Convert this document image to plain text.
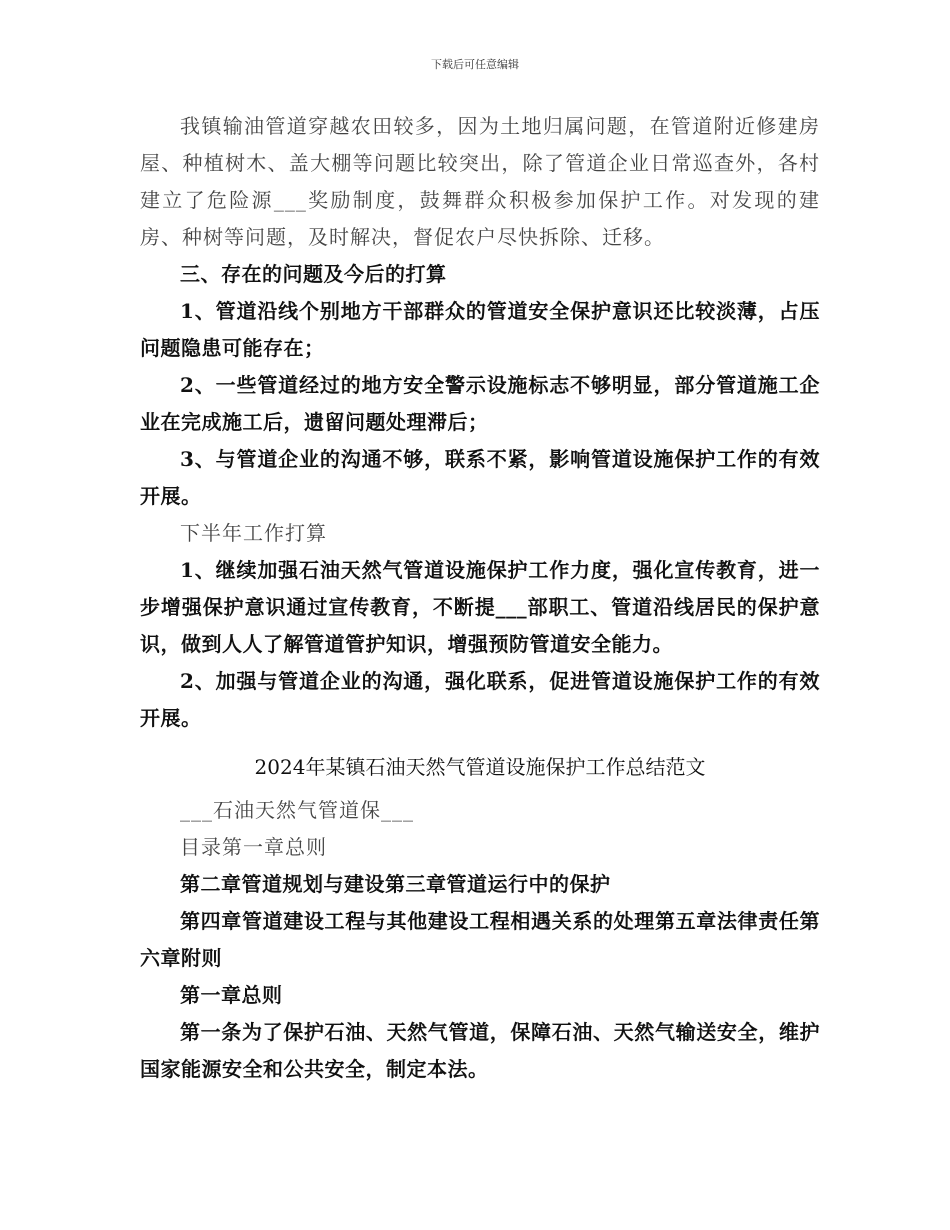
下载后可任意编辑

我镇输油管道穿越农田较多，因为土地归属问题，在管道附近修建房屋、种植树木、盖大棚等问题比较突出，除了管道企业日常巡查外，各村建立了危险源___奖励制度，鼓舞群众积极参加保护工作。对发现的建房、种树等问题，及时解决，督促农户尽快拆除、迁移。

三、存在的问题及今后的打算

1、管道沿线个别地方干部群众的管道安全保护意识还比较淡薄，占压问题隐患可能存在；

2、一些管道经过的地方安全警示设施标志不够明显，部分管道施工企业在完成施工后，遗留问题处理滞后；

3、与管道企业的沟通不够，联系不紧，影响管道设施保护工作的有效开展。

下半年工作打算

1、继续加强石油天然气管道设施保护工作力度，强化宣传教育，进一步增强保护意识通过宣传教育，不断提___部职工、管道沿线居民的保护意识，做到人人了解管道管护知识，增强预防管道安全能力。

2、加强与管道企业的沟通，强化联系，促进管道设施保护工作的有效开展。

2024年某镇石油天然气管道设施保护工作总结范文

___石油天然气管道保___

目录第一章总则

第二章管道规划与建设第三章管道运行中的保护

第四章管道建设工程与其他建设工程相遇关系的处理第五章法律责任第六章附则

第一章总则

第一条为了保护石油、天然气管道，保障石油、天然气输送安全，维护国家能源安全和公共安全，制定本法。
